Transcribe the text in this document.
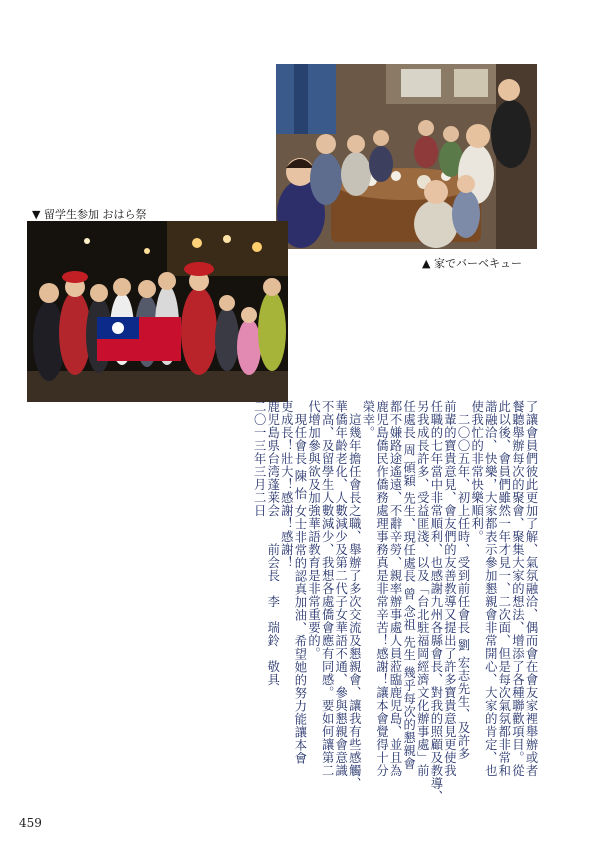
▼ 留学生参加 おはら祭
▲ 家でバーベキュー
了讓會員們彼此更加了解、氣氛融洽、偶而會在會友家裡舉辦或者
餐聽舉辦每次的聚會、聚集大家的想法、增添了各種聯歡項目。從
此以後、會員們雖然一年才見一、二次面、但是每次氣氛都非常和
諧融洽、快樂，大家都表示參加懇親會非常開心、大家的肯定、也
使我忙的非常快樂順利。
　二〇〇五年、初上任時、受到前任會長 劉 宏志先生、及許多
前輩的寶貴意見、會友們的友善教導又提出了許多寶貴意見更使我
任職的七年當中非常順利、也感謝九州各縣會長、對我的照顧及教導、
另我成長許多、受益匪淺、以及「台北駐福岡經濟文化辦事處」前
任處長 周 碩穎 先生、現任處長 曾 念祖 先生 幾乎每次的懇親會
都不嫌路途遙遠、不辭辛勞、親率辦事處人員蒞臨鹿児島、並且為
鹿児島僑民作僑務處理事務真是非常辛苦！感謝！讓本會覺得十分
榮幸。
　這幾年擔任會長之職、舉辦了多次交流及懇親會、讓我有些感觸、
華僑年齡老化、人數減少及第二代子女華語不通、參與懇親會意識
不高、及留學生人數減少、我想各處僑會應有同感。要如何讓第二
代增加參與欲及加強華語教育是非常重要的。
　現任會長 陳 怡 女士非常的認真加油、希望她的努力能讓本會
更成長！壯大！感謝！感謝！
鹿児島県台湾蓬莱会　　前会長　李　瑞鈴　敬具
二〇一三年三月二日
459
